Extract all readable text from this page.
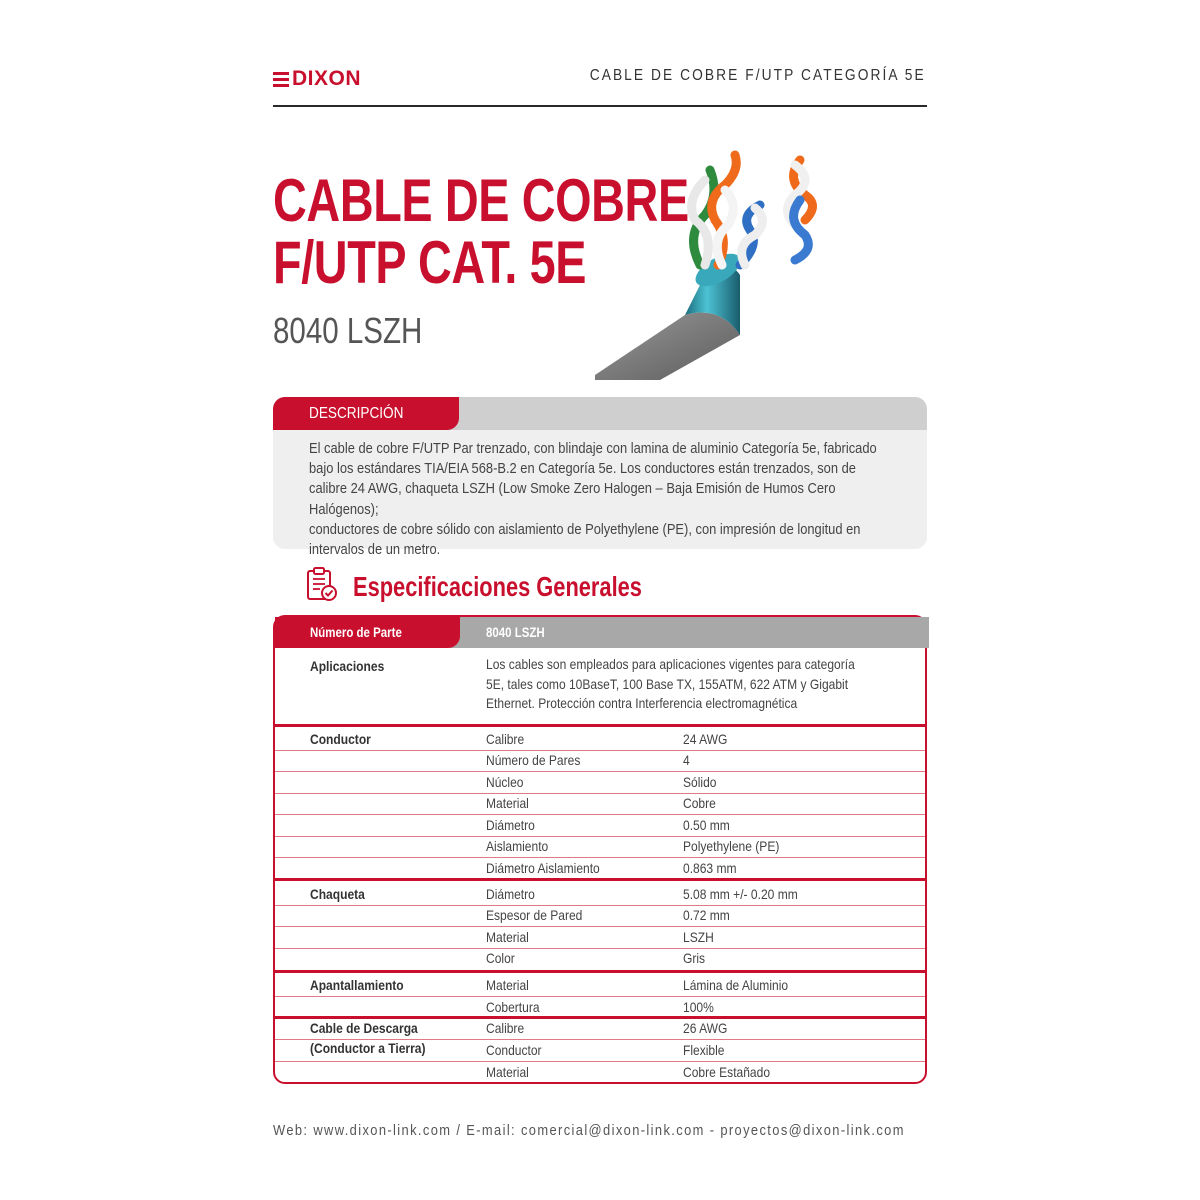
DIXON	CABLE DE COBRE F/UTP CATEGORÍA 5E
CABLE DE COBRE
F/UTP CAT. 5E
8040 LSZH
DESCRIPCIÓN
El cable de cobre F/UTP Par trenzado, con blindaje con lamina de aluminio Categoría 5e, fabricado
bajo los estándares TIA/EIA 568-B.2 en Categoría 5e. Los conductores están trenzados, son de
calibre 24 AWG, chaqueta LSZH (Low Smoke Zero Halogen – Baja Emisión de Humos Cero Halógenos);
conductores de cobre sólido con aislamiento de Polyethylene (PE), con impresión de longitud en
intervalos de un metro.
Especificaciones Generales
Número de Parte	8040 LSZH
Aplicaciones	Los cables son empleados para aplicaciones vigentes para categoría
5E, tales como 10BaseT, 100 Base TX, 155ATM, 622 ATM y Gigabit
Ethernet. Protección contra Interferencia electromagnética
Conductor	Calibre	24 AWG
Número de Pares	4
Núcleo	Sólido
Material	Cobre
Diámetro	0.50 mm
Aislamiento	Polyethylene (PE)
Diámetro Aislamiento	0.863 mm
Chaqueta	Diámetro	5.08 mm +/- 0.20 mm
Espesor de Pared	0.72 mm
Material	LSZH
Color	Gris
Apantallamiento	Material	Lámina de Aluminio
Cobertura	100%
Cable de Descarga
(Conductor a Tierra)
Calibre	26 AWG
Conductor	Flexible
Material	Cobre Estañado
Web: www.dixon-link.com / E-mail: comercial@dixon-link.com - proyectos@dixon-link.com
